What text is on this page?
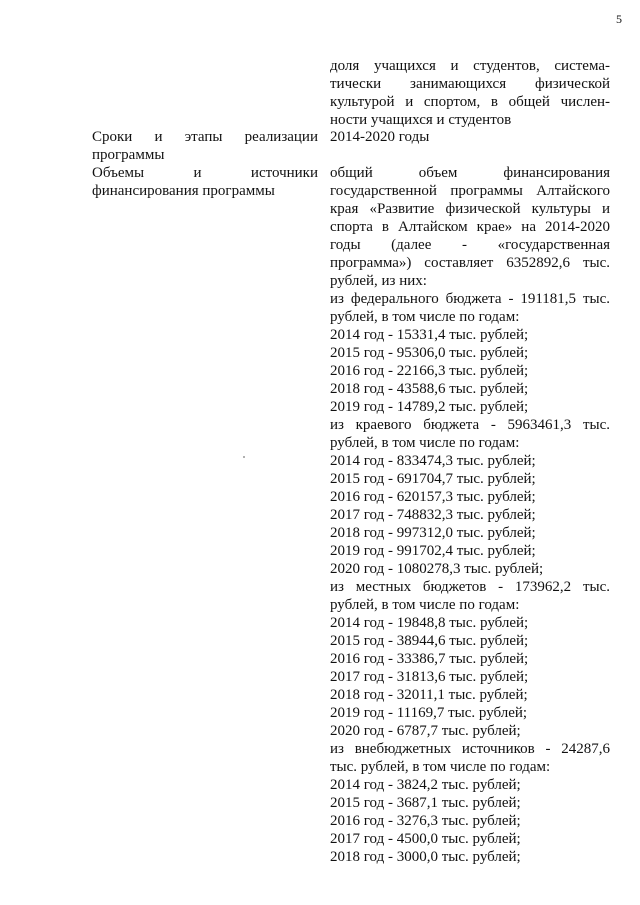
5
доля учащихся и студентов, система-
тически занимающихся физической
культурой и спортом, в общей числен-
ности учащихся и студентов
Сроки и этапы реализации
программы
2014-2020 годы
Объемы и источники
финансирования программы
общий объем финансирования
государственной программы Алтайского
края «Развитие физической культуры и
спорта в Алтайском крае» на 2014-2020
годы (далее - «государственная
программа») составляет 6352892,6 тыс.
рублей, из них:
из федерального бюджета - 191181,5 тыс.
рублей, в том числе по годам:
2014 год - 15331,4 тыс. рублей;
2015 год - 95306,0 тыс. рублей;
2016 год - 22166,3 тыс. рублей;
2018 год - 43588,6 тыс. рублей;
2019 год - 14789,2 тыс. рублей;
из краевого бюджета - 5963461,3 тыс.
рублей, в том числе по годам:
2014 год - 833474,3 тыс. рублей;
2015 год - 691704,7 тыс. рублей;
2016 год - 620157,3 тыс. рублей;
2017 год - 748832,3 тыс. рублей;
2018 год - 997312,0 тыс. рублей;
2019 год - 991702,4 тыс. рублей;
2020 год - 1080278,3 тыс. рублей;
из местных бюджетов - 173962,2 тыс.
рублей, в том числе по годам:
2014 год - 19848,8 тыс. рублей;
2015 год - 38944,6 тыс. рублей;
2016 год - 33386,7 тыс. рублей;
2017 год - 31813,6 тыс. рублей;
2018 год - 32011,1 тыс. рублей;
2019 год - 11169,7 тыс. рублей;
2020 год - 6787,7 тыс. рублей;
из внебюджетных источников - 24287,6
тыс. рублей, в том числе по годам:
2014 год - 3824,2 тыс. рублей;
2015 год - 3687,1 тыс. рублей;
2016 год - 3276,3 тыс. рублей;
2017 год - 4500,0 тыс. рублей;
2018 год - 3000,0 тыс. рублей;
